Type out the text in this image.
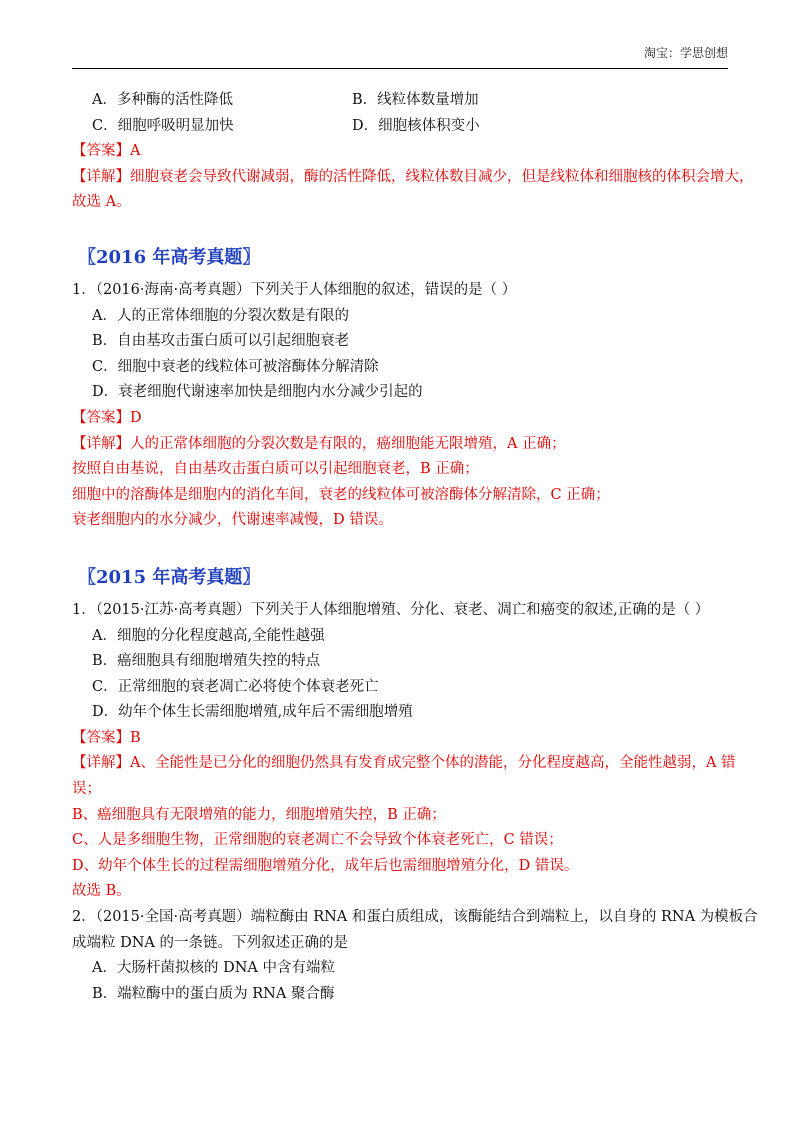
淘宝：学思创想
A．多种酶的活性降低	B．线粒体数量增加
C．细胞呼吸明显加快	D．细胞核体积变小
【答案】A
【详解】细胞衰老会导致代谢减弱，酶的活性降低，线粒体数目减少，但是线粒体和细胞核的体积会增大，
故选 A。
〖2016 年高考真题〗
1．（2016·海南·高考真题）下列关于人体细胞的叙述，错误的是（ ）
A．人的正常体细胞的分裂次数是有限的
B．自由基攻击蛋白质可以引起细胞衰老
C．细胞中衰老的线粒体可被溶酶体分解清除
D．衰老细胞代谢速率加快是细胞内水分减少引起的
【答案】D
【详解】人的正常体细胞的分裂次数是有限的，癌细胞能无限增殖，A 正确；
按照自由基说，自由基攻击蛋白质可以引起细胞衰老，B 正确；
细胞中的溶酶体是细胞内的消化车间，衰老的线粒体可被溶酶体分解清除，C 正确；
衰老细胞内的水分减少，代谢速率减慢，D 错误。
〖2015 年高考真题〗
1．（2015·江苏·高考真题）下列关于人体细胞增殖、分化、衰老、凋亡和癌变的叙述,正确的是（ ）
A．细胞的分化程度越高,全能性越强
B．癌细胞具有细胞增殖失控的特点
C．正常细胞的衰老凋亡必将使个体衰老死亡
D．幼年个体生长需细胞增殖,成年后不需细胞增殖
【答案】B
【详解】A、全能性是已分化的细胞仍然具有发育成完整个体的潜能，分化程度越高，全能性越弱，A 错
误；
B、癌细胞具有无限增殖的能力，细胞增殖失控，B 正确；
C、人是多细胞生物，正常细胞的衰老凋亡不会导致个体衰老死亡，C 错误；
D、幼年个体生长的过程需细胞增殖分化，成年后也需细胞增殖分化，D 错误。
故选 B。
2．（2015·全国·高考真题）端粒酶由 RNA 和蛋白质组成，该酶能结合到端粒上，以自身的 RNA 为模板合
成端粒 DNA 的一条链。下列叙述正确的是
A．大肠杆菌拟核的 DNA 中含有端粒
B．端粒酶中的蛋白质为 RNA 聚合酶
